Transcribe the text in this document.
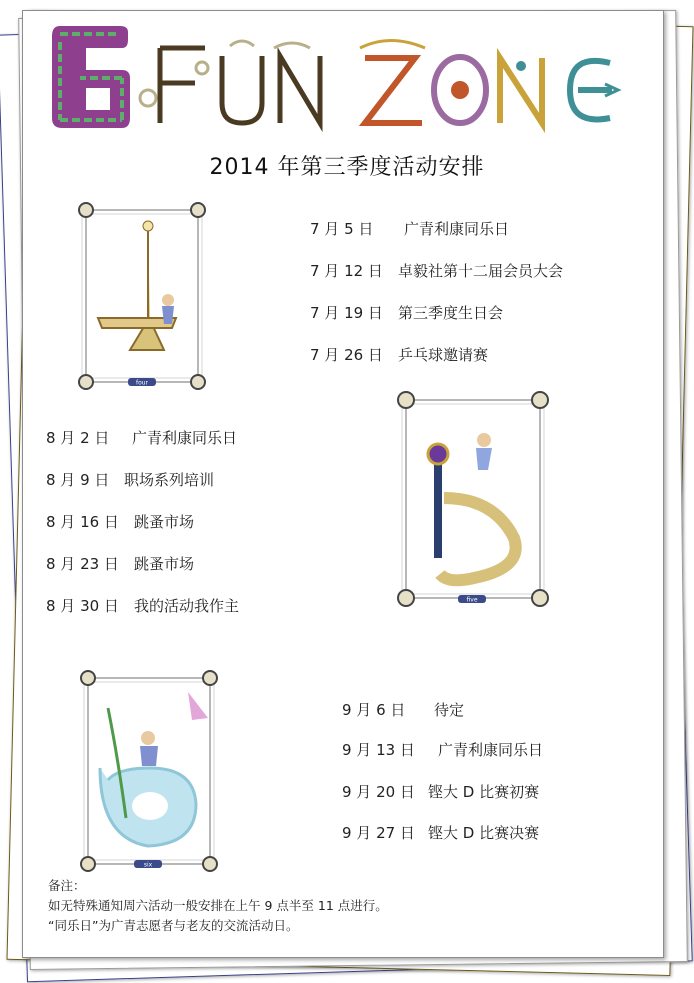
2014 年第三季度活动安排
four
five
six
7 月 5 日 广青利康同乐日
7 月 12 日 卓毅社第十二届会员大会
7 月 19 日 第三季度生日会
7 月 26 日 乒乓球邀请赛
8 月 2 日 广青利康同乐日
8 月 9 日 职场系列培训
8 月 16 日 跳蚤市场
8 月 23 日 跳蚤市场
8 月 30 日 我的活动我作主
9 月 6 日 待定
9 月 13 日 广青利康同乐日
9 月 20 日 铿大 D 比赛初赛
9 月 27 日 铿大 D 比赛决赛
备注：
如无特殊通知周六活动一般安排在上午 9 点半至 11 点进行。
“同乐日”为广青志愿者与老友的交流活动日。
